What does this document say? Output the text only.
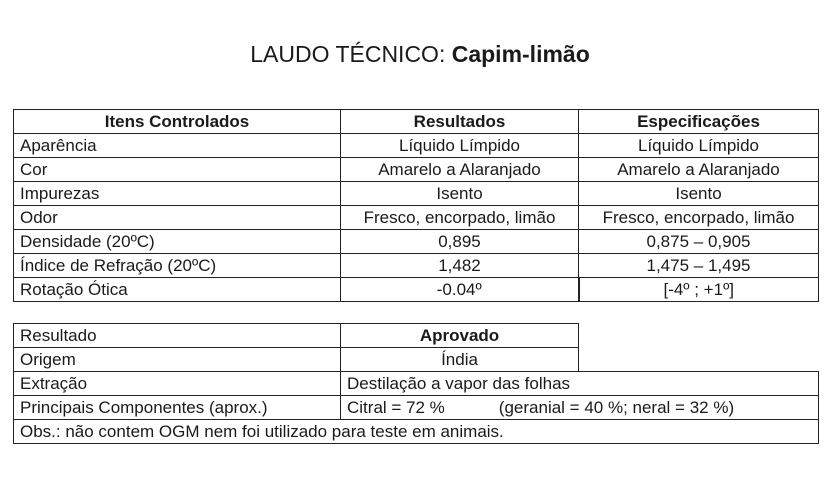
LAUDO TÉCNICO: Capim-limão
Itens Controlados	Resultados	Especificações
Aparência	Líquido Límpido	Líquido Límpido
Cor	Amarelo a Alaranjado	Amarelo a Alaranjado
Impurezas	Isento	Isento
Odor	Fresco, encorpado, limão	Fresco, encorpado, limão
Densidade (20ºC)	0,895	0,875 – 0,905
Índice de Refração (20ºC)	1,482	1,475 – 1,495
Rotação Ótica	-0.04º	[-4º ; +1º]
Resultado	Aprovado	
Origem	Índia	
Extração	Destilação a vapor das folhas	
Principais Componentes (aprox.)	Citral = 72 % (geranial = 40 %; neral = 32 %)	
Obs.: não contem OGM nem foi utilizado para teste em animais.		
